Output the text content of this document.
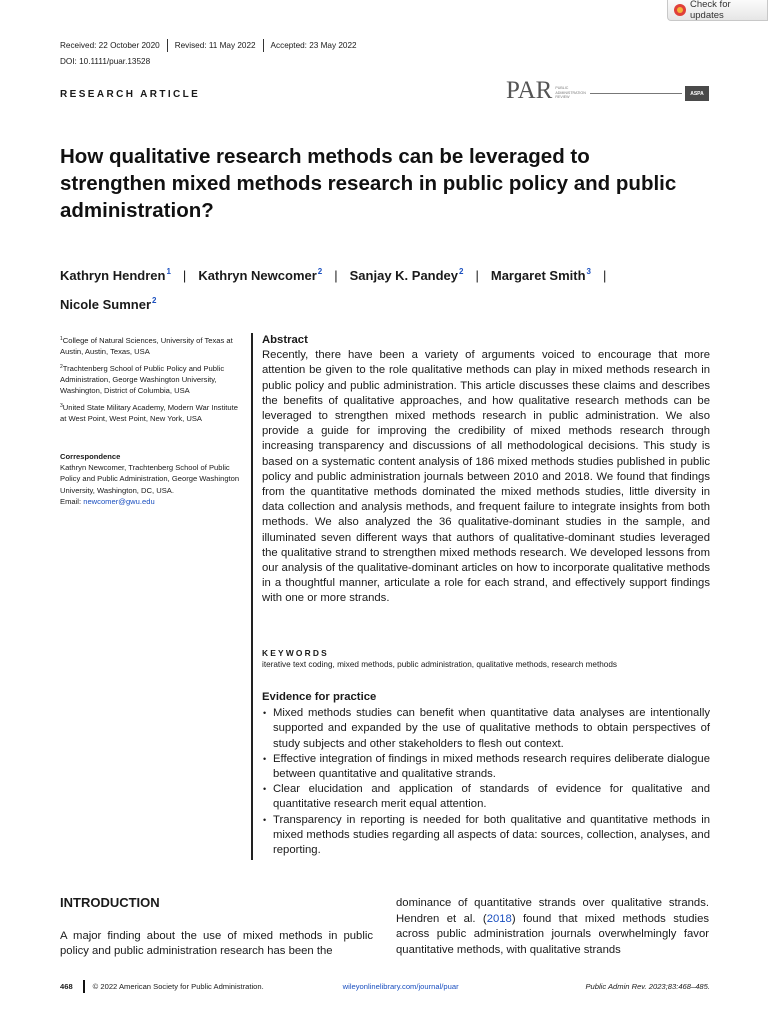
Check for updates
Received: 22 October 2020 Revised: 11 May 2022 Accepted: 23 May 2022
DOI: 10.1111/puar.13528
RESEARCH ARTICLE	PAR PUBLIC
ADMINISTRATION
REVIEW
ASPA
How qualitative research methods can be leveraged to strengthen mixed methods research in public policy and public administration?
Kathryn Hendren$^1$ | Kathryn Newcomer$^2$ | Sanjay K. Pandey$^2$ | Margaret Smith$^3$ |
Nicole Sumner$^2$

$^1$College of Natural Sciences, University of Texas at Austin, Austin, Texas, USA

$^2$Trachtenberg School of Public Policy and Public Administration, George Washington University, Washington, District of Columbia, USA

$^3$United State Military Academy, Modern War Institute at West Point, West Point, New York, USA

Correspondence
Kathryn Newcomer, Trachtenberg School of Public Policy and Public Administration, George Washington University, Washington, DC, USA.
Email: newcomer@gwu.edu
Abstract
Recently, there have been a variety of arguments voiced to encourage that more attention be given to the role qualitative methods can play in mixed methods research in public policy and public administration. This article discusses these claims and describes the benefits of qualitative approaches, and how qualitative research methods can be leveraged to strengthen mixed methods research in public administration. We also provide a guide for improving the credibility of mixed methods research through increasing transparency and discussions of all methodological decisions. This study is based on a systematic content analysis of 186 mixed methods studies published in public policy and public administration journals between 2010 and 2018. We found that findings from the quantitative methods dominated the mixed methods studies, little diversity in data collection and analysis methods, and frequent failure to integrate insights from both methods. We also analyzed the 36 qualitative-dominant studies in the sample, and illuminated seven different ways that authors of qualitative-dominant studies leveraged the qualitative strand to strengthen mixed methods research. We developed lessons from our analysis of the qualitative-dominant articles on how to incorporate qualitative methods in a thoughtful manner, articulate a role for each strand, and effectively support findings with one or more strands.
KEYWORDS
iterative text coding, mixed methods, public administration, qualitative methods, research methods
Evidence for practice
• Mixed methods studies can benefit when quantitative data analyses are intentionally supported and expanded by the use of qualitative methods to obtain perspectives of study subjects and other stakeholders to flesh out context.
• Effective integration of findings in mixed methods research requires deliberate dialogue between quantitative and qualitative strands.
• Clear elucidation and application of standards of evidence for qualitative and quantitative research merit equal attention.
• Transparency in reporting is needed for both qualitative and quantitative methods in mixed methods studies regarding all aspects of data: sources, collection, analyses, and reporting.
INTRODUCTION
A major finding about the use of mixed methods in public policy and public administration research has been the
dominance of quantitative strands over qualitative strands. Hendren et al. (2018) found that mixed methods studies across public administration journals overwhelmingly favor quantitative methods, with qualitative strands
468	© 2022 American Society for Public Administration.	wileyonlinelibrary.com/journal/puar	Public Admin Rev. 2023;83:468–485.
